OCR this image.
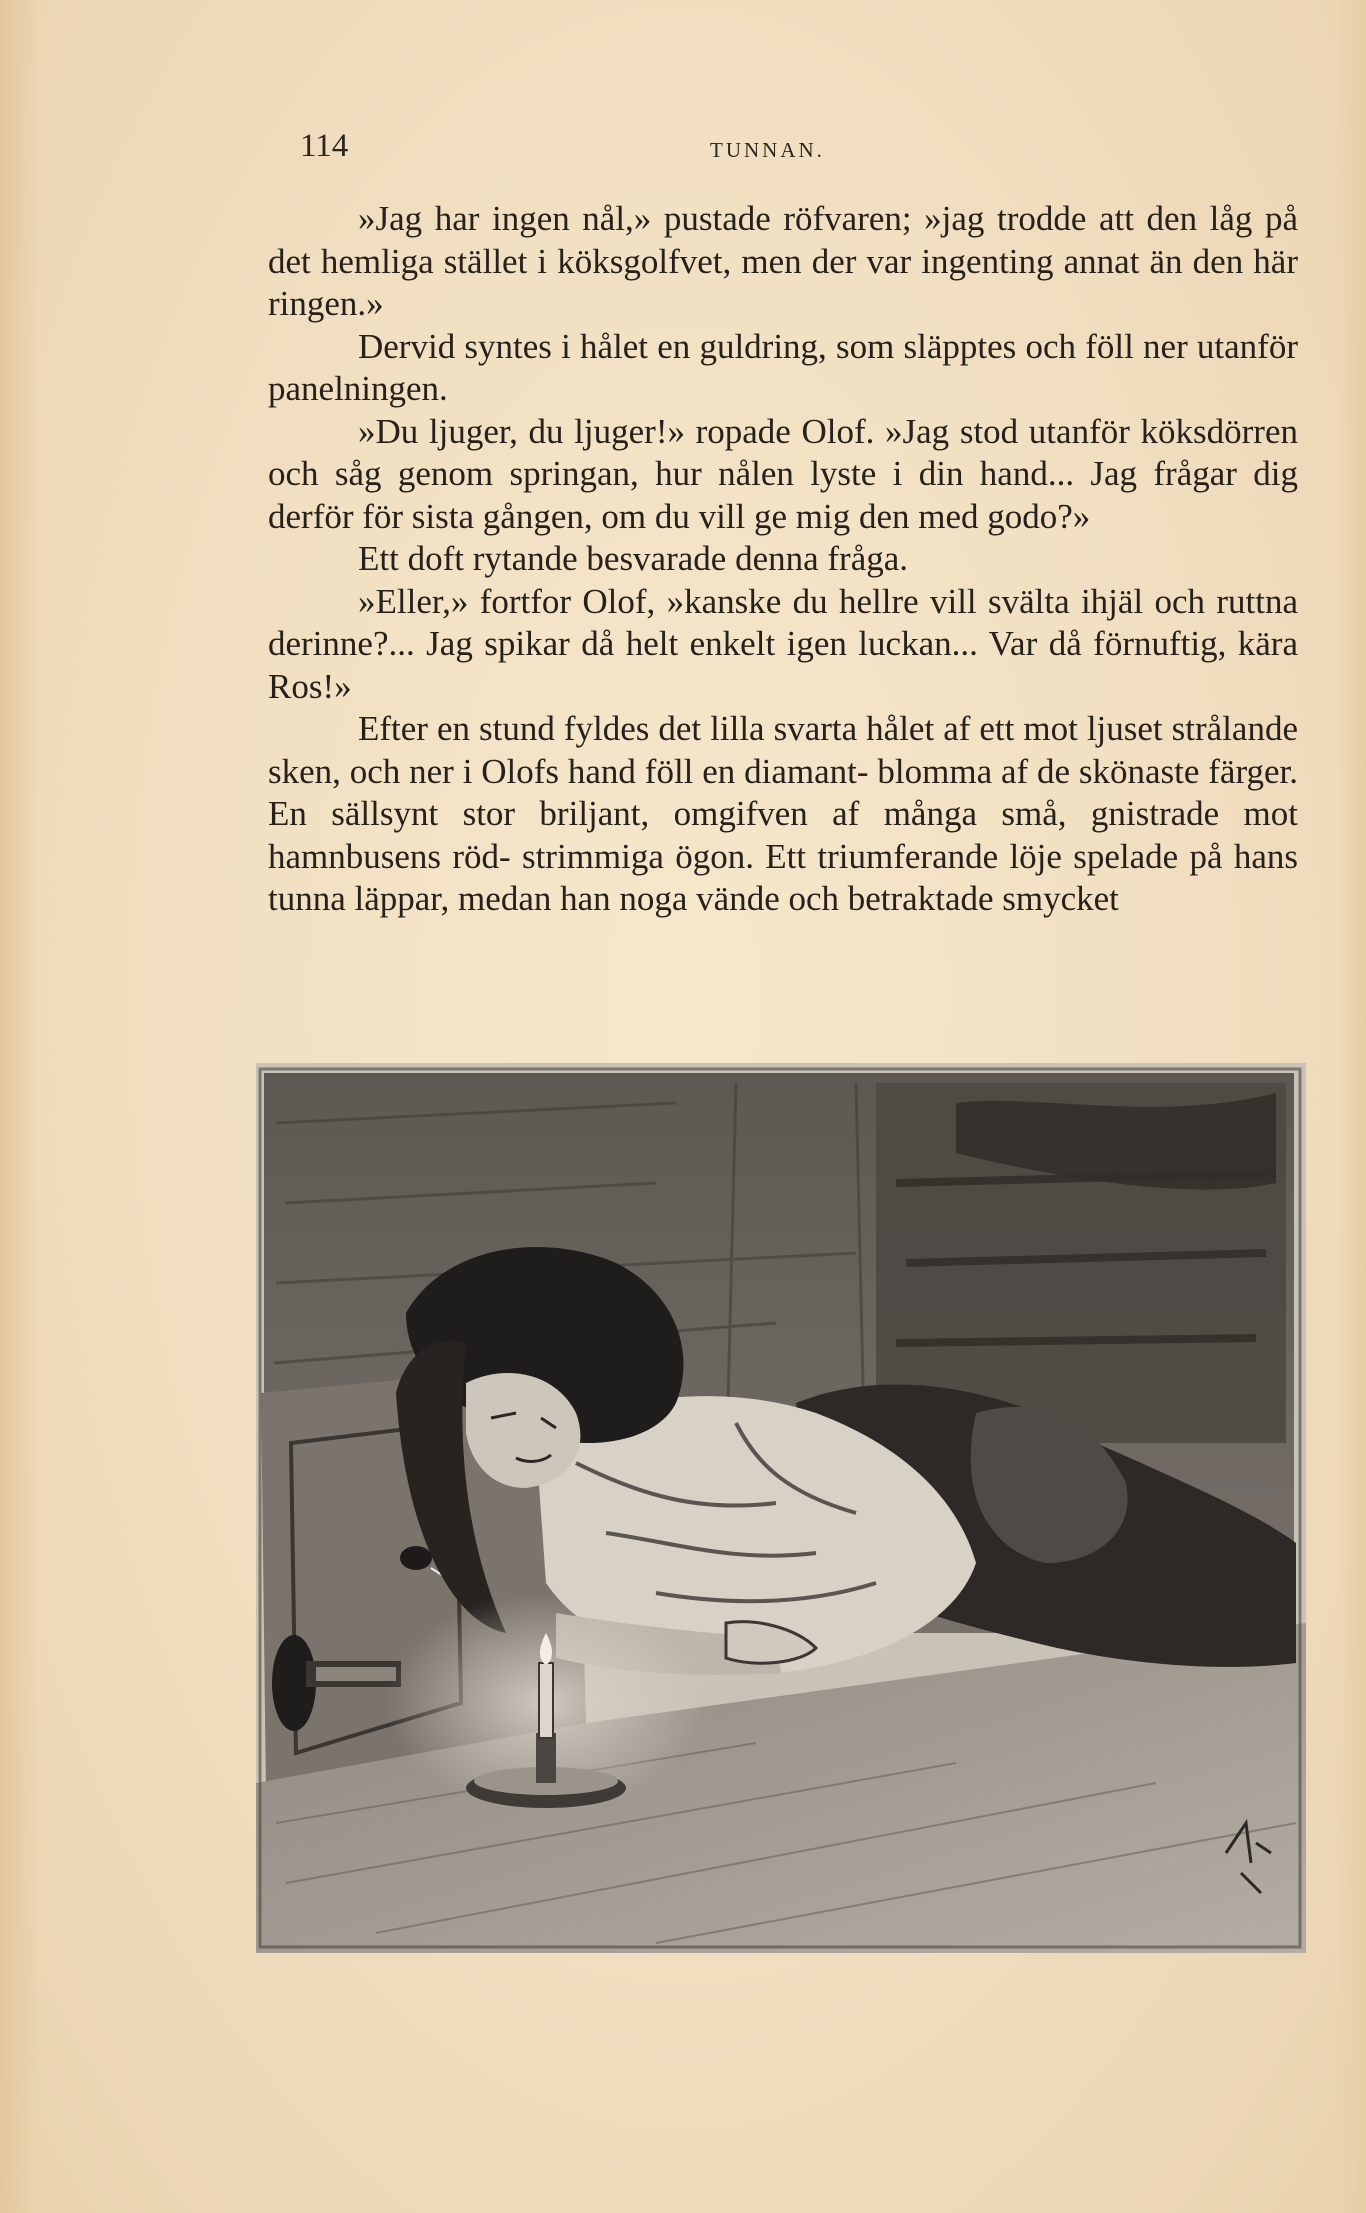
114	TUNNAN.

»Jag har ingen nål,» pustade röfvaren; »jag trodde att den låg på det hemliga stället i köksgolfvet, men der var ingenting annat än den här ringen.»

Dervid syntes i hålet en guldring, som släpptes och föll ner utanför panelningen.

»Du ljuger, du ljuger!» ropade Olof. »Jag stod utanför köksdörren och såg genom springan, hur nålen lyste i din hand... Jag frågar dig derför för sista gången, om du vill ge mig den med godo?»

Ett doft rytande besvarade denna fråga.

»Eller,» fortfor Olof, »kanske du hellre vill svälta ihjäl och ruttna derinne?... Jag spikar då helt enkelt igen luckan... Var då förnuftig, kära Ros!»

Efter en stund fyldes det lilla svarta hålet af ett mot ljuset strålande sken, och ner i Olofs hand föll en diamant- blomma af de skönaste färger. En sällsynt stor briljant, omgifven af många små, gnistrade mot hamnbusens röd- strimmiga ögon. Ett triumferande löje spelade på hans tunna läppar, medan han noga vände och betraktade smycket
